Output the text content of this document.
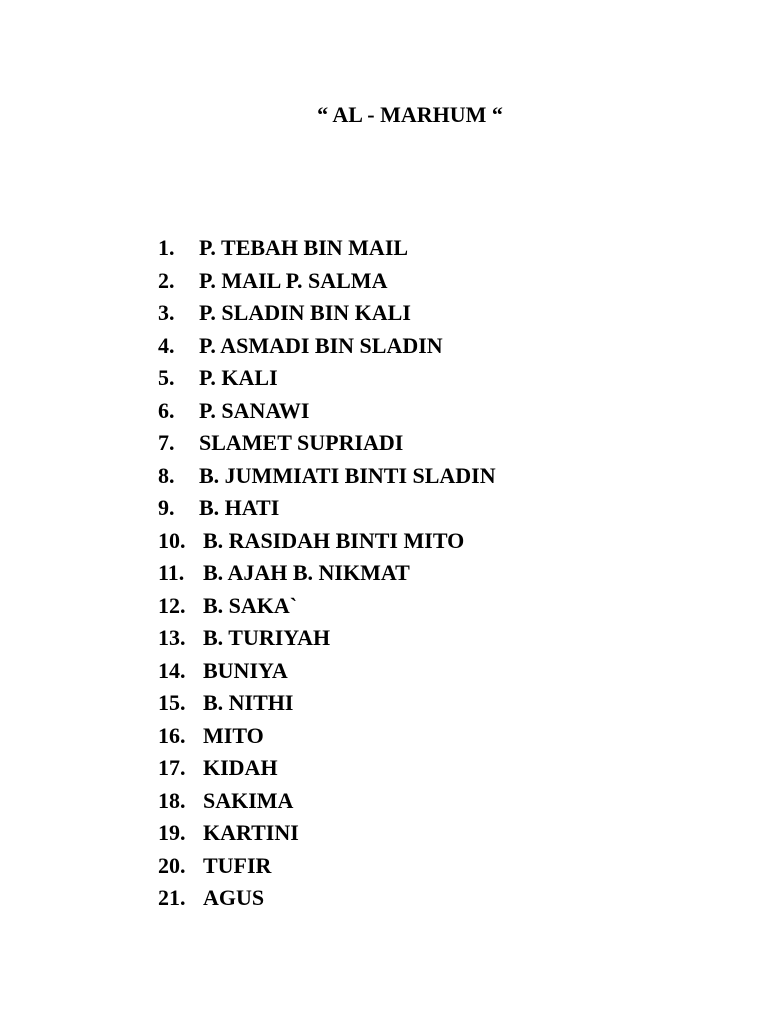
“ AL - MARHUM “
1.	P. TEBAH BIN MAIL
2.	P. MAIL P. SALMA
3.	P. SLADIN BIN KALI
4.	P. ASMADI BIN SLADIN
5.	P. KALI
6.	P. SANAWI
7.	SLAMET SUPRIADI
8.	B. JUMMIATI BINTI SLADIN
9.	B. HATI
10. B. RASIDAH BINTI MITO
11. B. AJAH B. NIKMAT
12. B. SAKA`
13. B. TURIYAH
14. BUNIYA
15. B. NITHI
16. MITO
17. KIDAH
18. SAKIMA
19. KARTINI
20. TUFIR
21. AGUS
